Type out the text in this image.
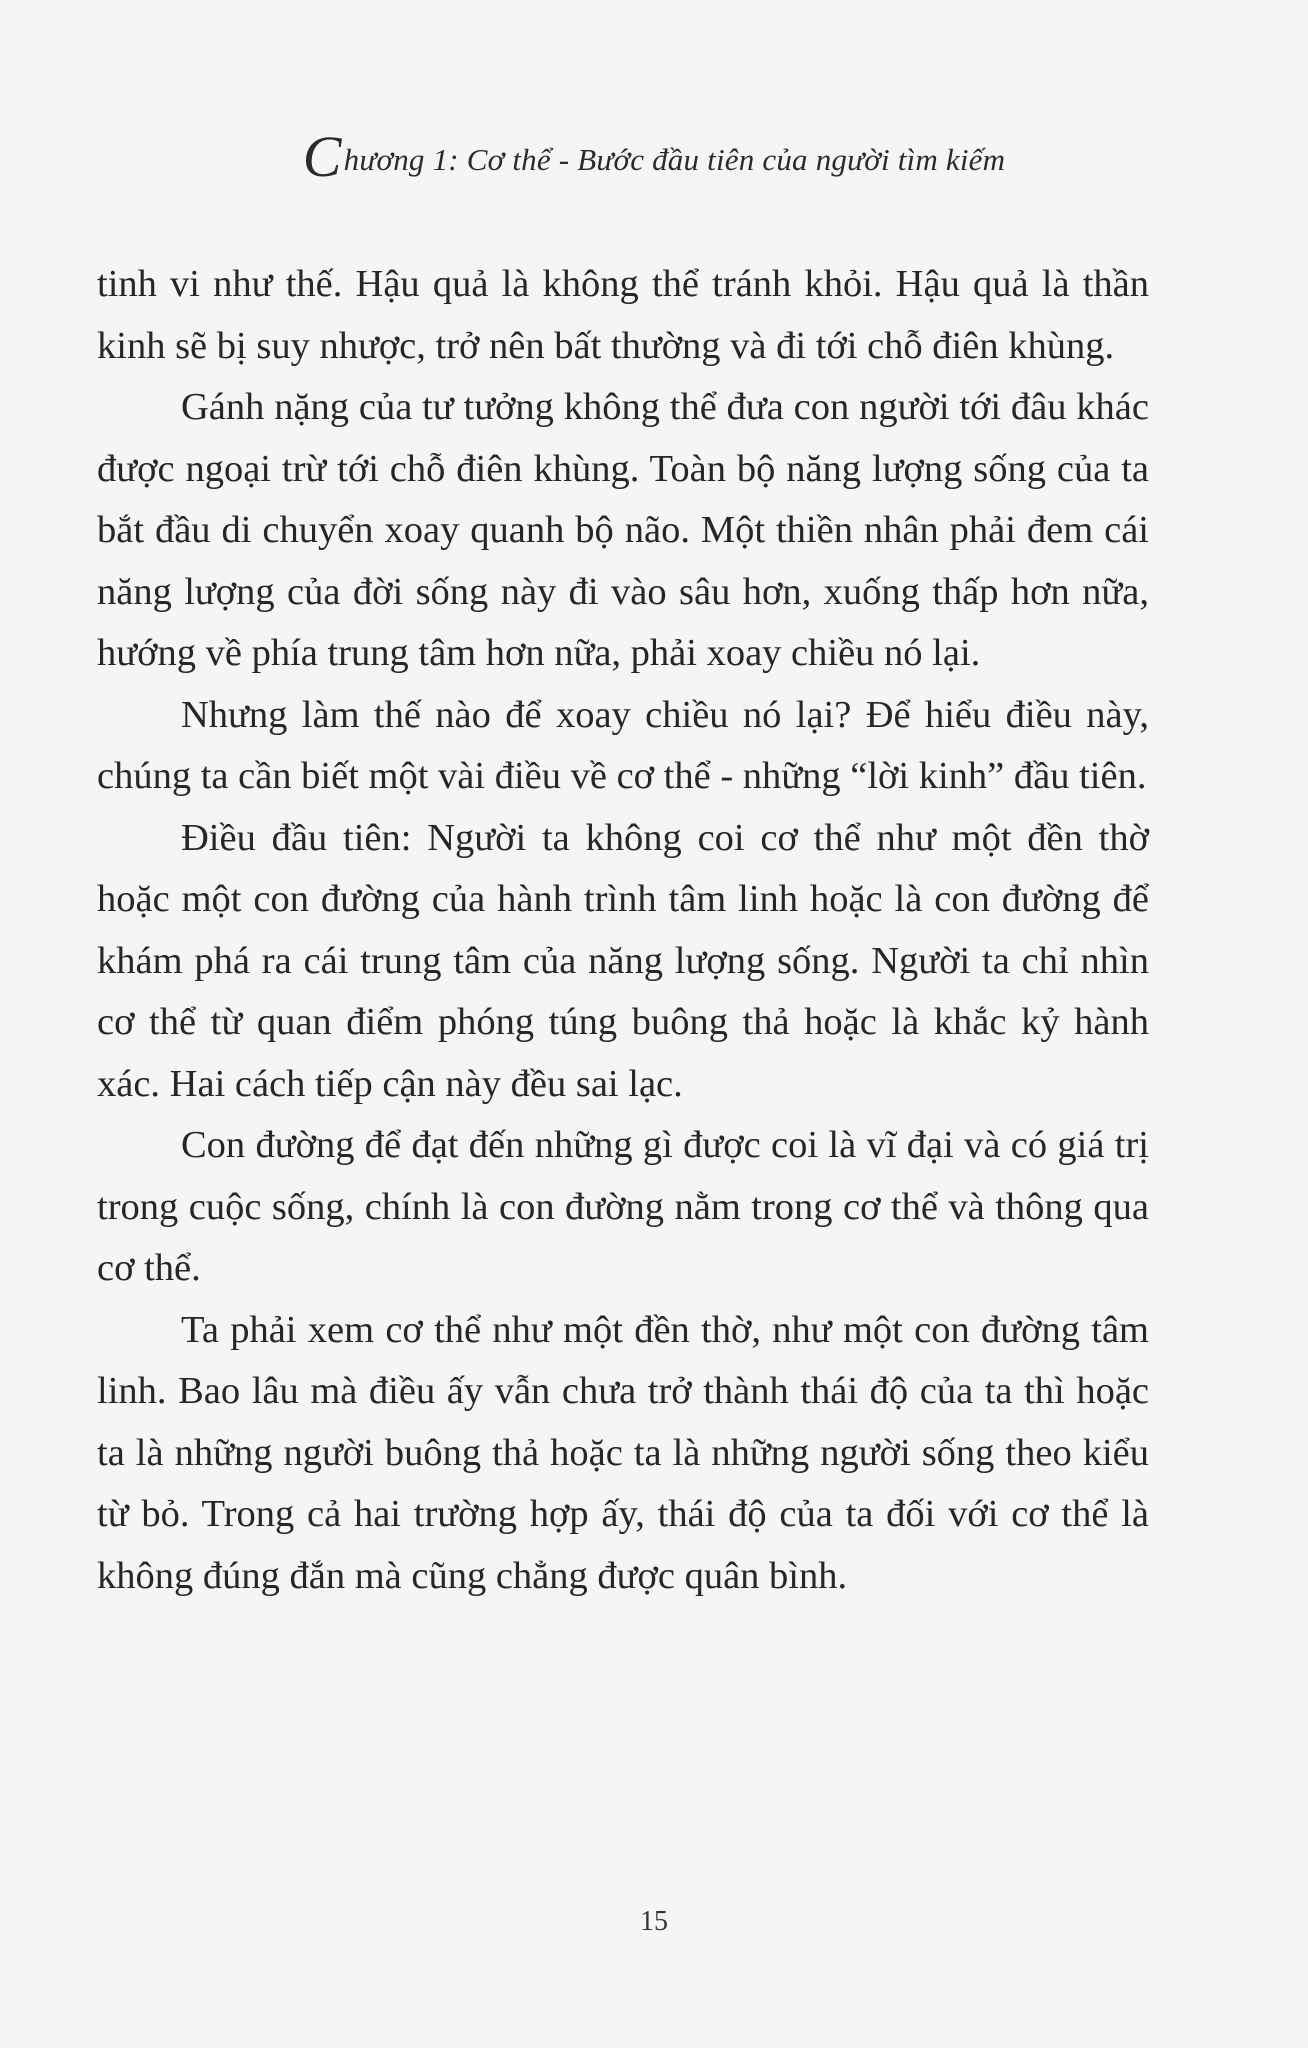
Chương 1: Cơ thể - Bước đầu tiên của người tìm kiếm

tinh vi như thế. Hậu quả là không thể tránh khỏi. Hậu quả là thần kinh sẽ bị suy nhược, trở nên bất thường và đi tới chỗ điên khùng.

Gánh nặng của tư tưởng không thể đưa con người tới đâu khác được ngoại trừ tới chỗ điên khùng. Toàn bộ năng lượng sống của ta bắt đầu di chuyển xoay quanh bộ não. Một thiền nhân phải đem cái năng lượng của đời sống này đi vào sâu hơn, xuống thấp hơn nữa, hướng về phía trung tâm hơn nữa, phải xoay chiều nó lại.

Nhưng làm thế nào để xoay chiều nó lại? Để hiểu điều này, chúng ta cần biết một vài điều về cơ thể - những “lời kinh” đầu tiên.

Điều đầu tiên: Người ta không coi cơ thể như một đền thờ hoặc một con đường của hành trình tâm linh hoặc là con đường để khám phá ra cái trung tâm của năng lượng sống. Người ta chỉ nhìn cơ thể từ quan điểm phóng túng buông thả hoặc là khắc kỷ hành xác. Hai cách tiếp cận này đều sai lạc.

Con đường để đạt đến những gì được coi là vĩ đại và có giá trị trong cuộc sống, chính là con đường nằm trong cơ thể và thông qua cơ thể.

Ta phải xem cơ thể như một đền thờ, như một con đường tâm linh. Bao lâu mà điều ấy vẫn chưa trở thành thái độ của ta thì hoặc ta là những người buông thả hoặc ta là những người sống theo kiểu từ bỏ. Trong cả hai trường hợp ấy, thái độ của ta đối với cơ thể là không đúng đắn mà cũng chẳng được quân bình.

15
